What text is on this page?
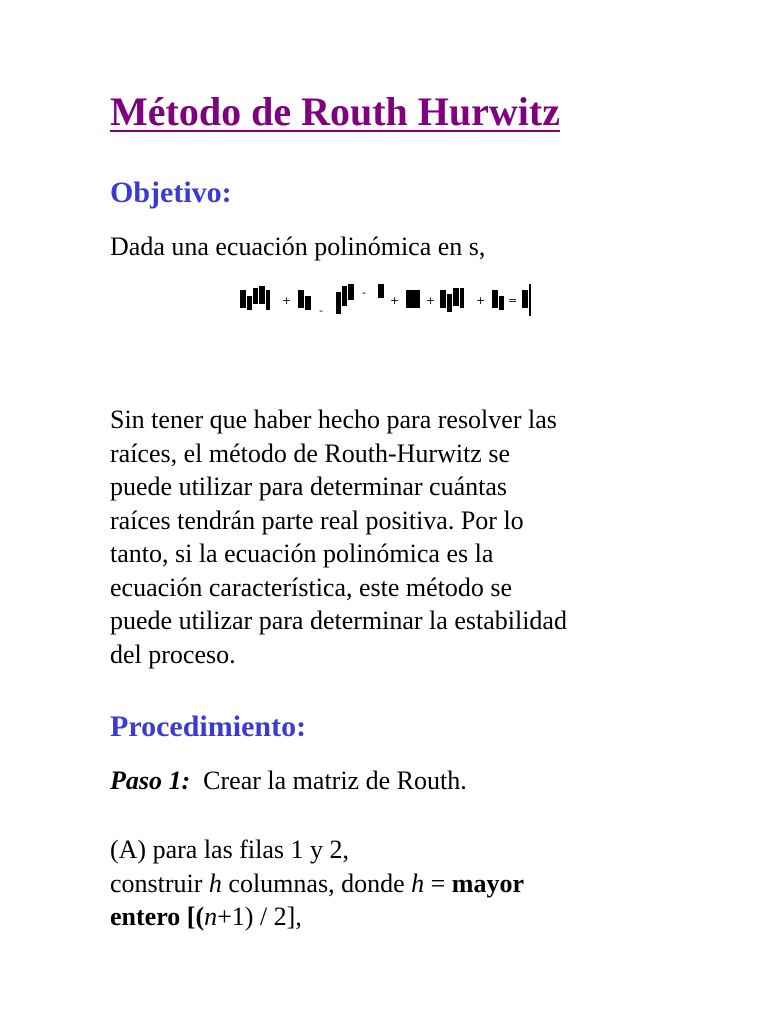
Método de Routh Hurwitz
Objetivo:

Dada una ecuación polinómica en s,

+
-
-
+ +	+ =

Sin tener que haber hecho para resolver las
raíces, el método de Routh-Hurwitz se
puede utilizar para determinar cuántas
raíces tendrán parte real positiva. Por lo
tanto, si la ecuación polinómica es la
ecuación característica, este método se
puede utilizar para determinar la estabilidad
del proceso.

Procedimiento:

Paso 1: Crear la matriz de Routh.

(A) para las filas 1 y 2,
construir h columnas, donde h = mayor
entero [(n+1) / 2],
